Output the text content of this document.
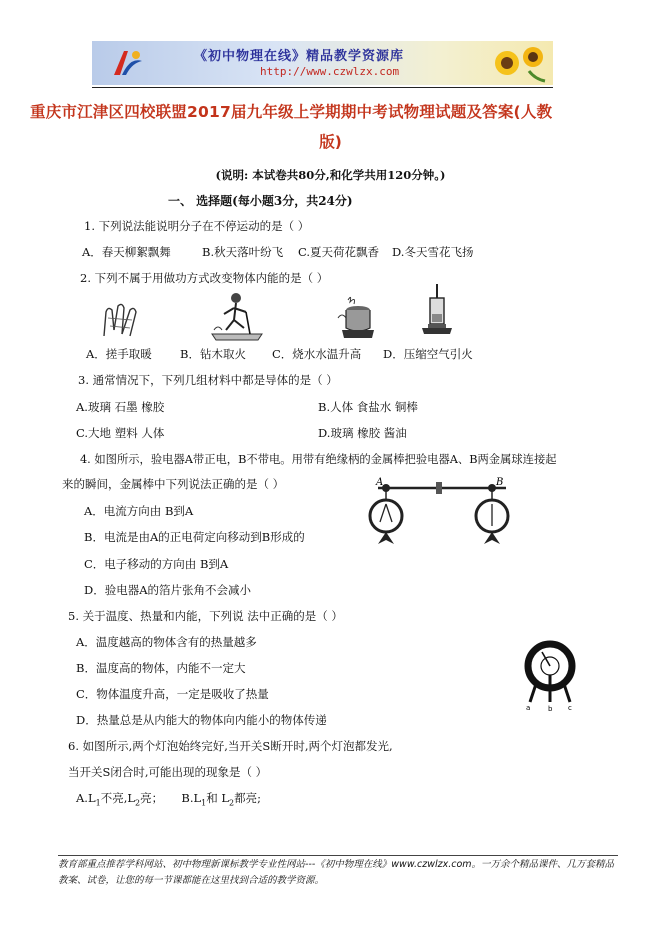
《初中物理在线》精品教学资源库
http://www.czwlzx.com
重庆市江津区四校联盟2017届九年级上学期期中考试物理试题及答案(人教
版)
(说明: 本试卷共80分,和化学共用120分钟。)
一、 选择题(每小题3分，共24分)
1. 下列说法能说明分子在不停运动的是（ ）
A．春天柳絮飘舞	B.秋天落叶纷飞 C.夏天荷花飘香 D.冬天雪花飞扬
2. 下列不属于用做功方式改变物体内能的是（ ）
A．搓手取暖 B．钻木取火 C．烧水水温升高 D．压缩空气引火
3. 通常情况下，下列几组材料中都是导体的是（ ）
A.玻璃 石墨 橡胶	B.人体 食盐水 铜棒
C.大地 塑料 人体	D.玻璃 橡胶 酱油
4. 如图所示，验电器A带正电，B不带电。用带有绝缘柄的金属棒把验电器A、B两金属球连接起
来的瞬间，金属棒中下列说法正确的是（ ）
A．电流方向由 B到A
B．电流是由A的正电荷定向移动到B形成的
C．电子移动的方向由 B到A
D．验电器A的箔片张角不会减小
A	B
5. 关于温度、热量和内能，下列说 法中正确的是（ ）
A．温度越高的物体含有的热量越多
B．温度高的物体，内能不一定大
C．物体温度升高，一定是吸收了热量
D．热量总是从内能大的物体向内能小的物体传递
a	b c
6. 如图所示,两个灯泡始终完好,当开关S断开时,两个灯泡都发光,
当开关S闭合时,可能出现的现象是（ ）
$A.L_1$不亮$,L_2$亮； $B.L_1$和 $L_2$都亮;
教育部重点推荐学科网站、初中物理新课标教学专业性网站---《初中物理在线》www.czwlzx.com。一万余个精品课件、几万套精品教案、试卷，让您的每一节课都能在这里找到合适的教学资源。
